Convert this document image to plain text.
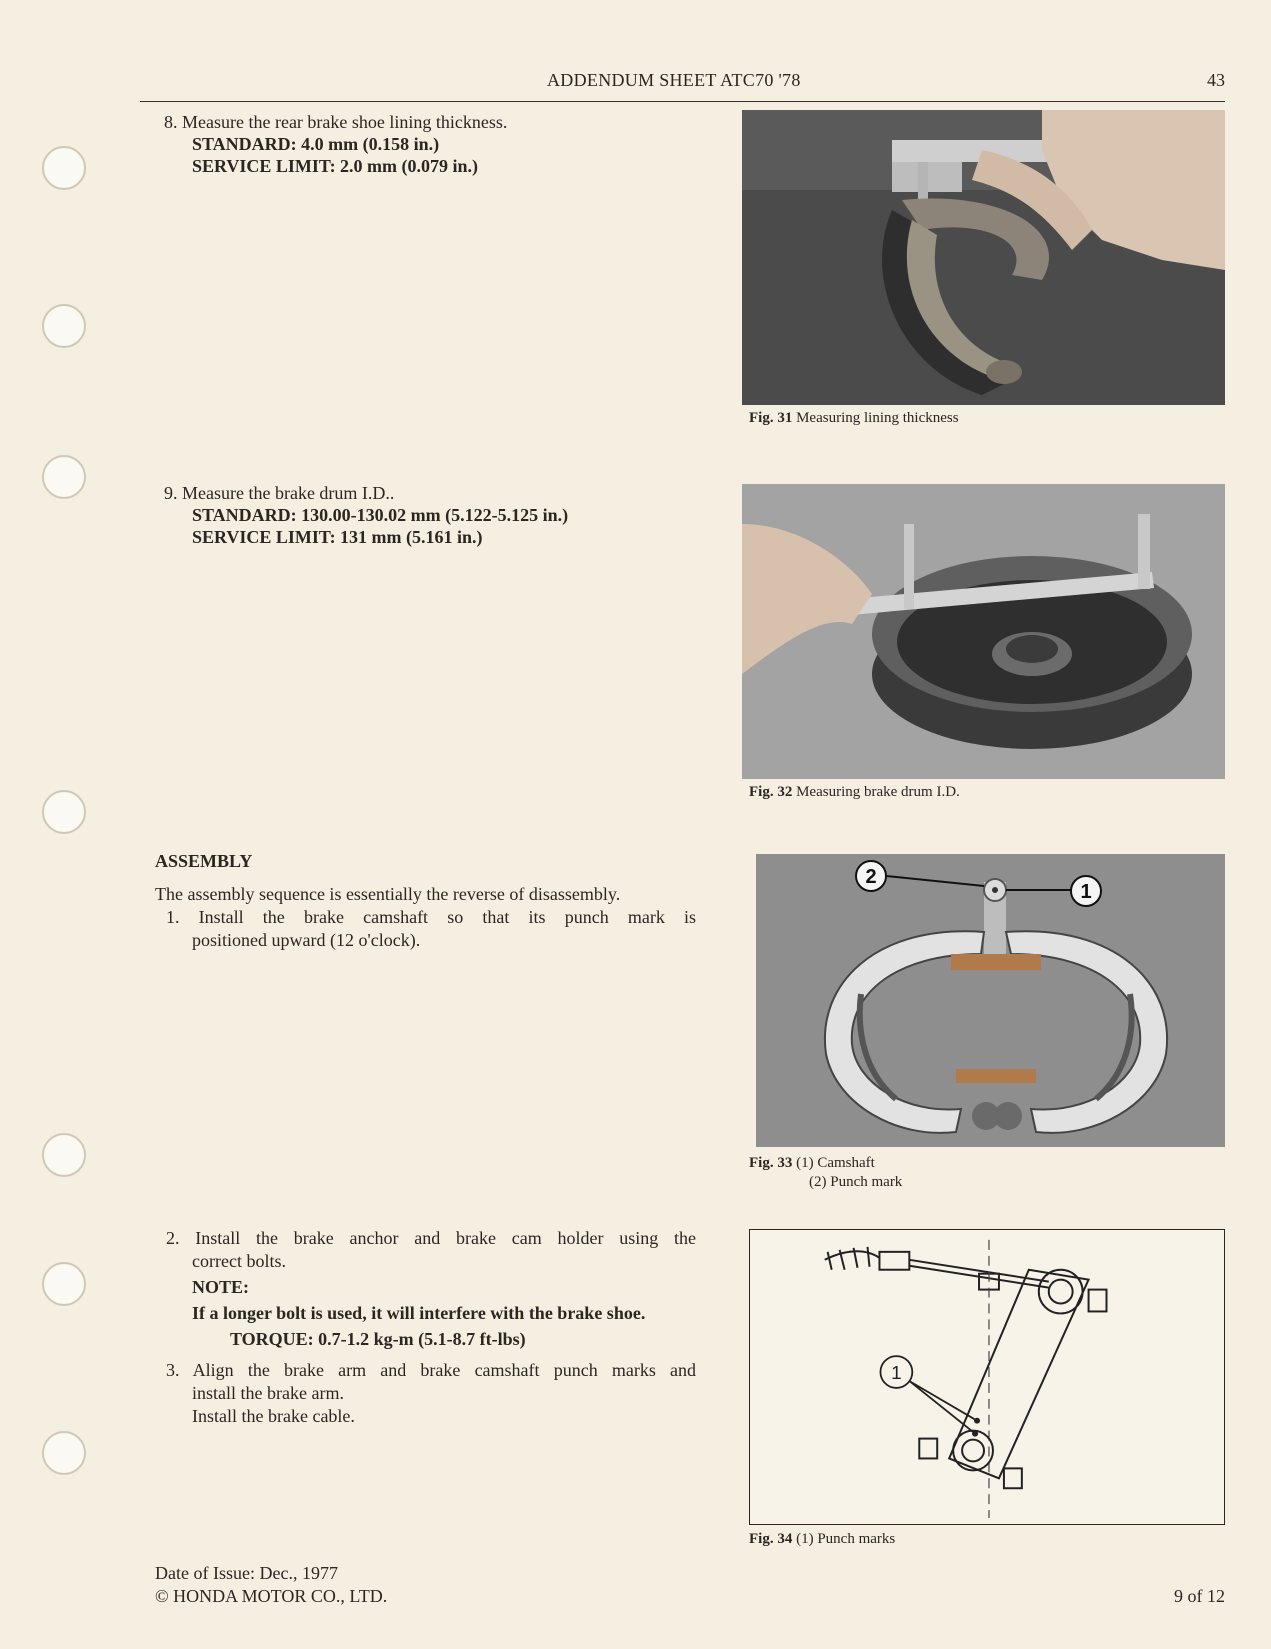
ADDENDUM SHEET ATC70 '78	43
8. Measure the rear brake shoe lining thickness.
STANDARD: 4.0 mm (0.158 in.)
SERVICE LIMIT: 2.0 mm (0.079 in.)
Fig. 31 Measuring lining thickness
9. Measure the brake drum I.D..
STANDARD: 130.00-130.02 mm (5.122-5.125 in.)
SERVICE LIMIT: 131 mm (5.161 in.)
Fig. 32 Measuring brake drum I.D.
ASSEMBLY
The assembly sequence is essentially the reverse of disassembly.
1. Install the brake camshaft so that its punch mark is
positioned upward (12 o'clock).
2
1
Fig. 33 (1) Camshaft
(2) Punch mark
2. Install the brake anchor and brake cam holder using the
correct bolts.
NOTE:
If a longer bolt is used, it will interfere with the brake shoe.
TORQUE: 0.7-1.2 kg-m (5.1-8.7 ft-lbs)
3. Align the brake arm and brake camshaft punch marks and
install the brake arm.
Install the brake cable.
1
Fig. 34 (1) Punch marks
Date of Issue: Dec., 1977
© HONDA MOTOR CO., LTD.	9 of 12
